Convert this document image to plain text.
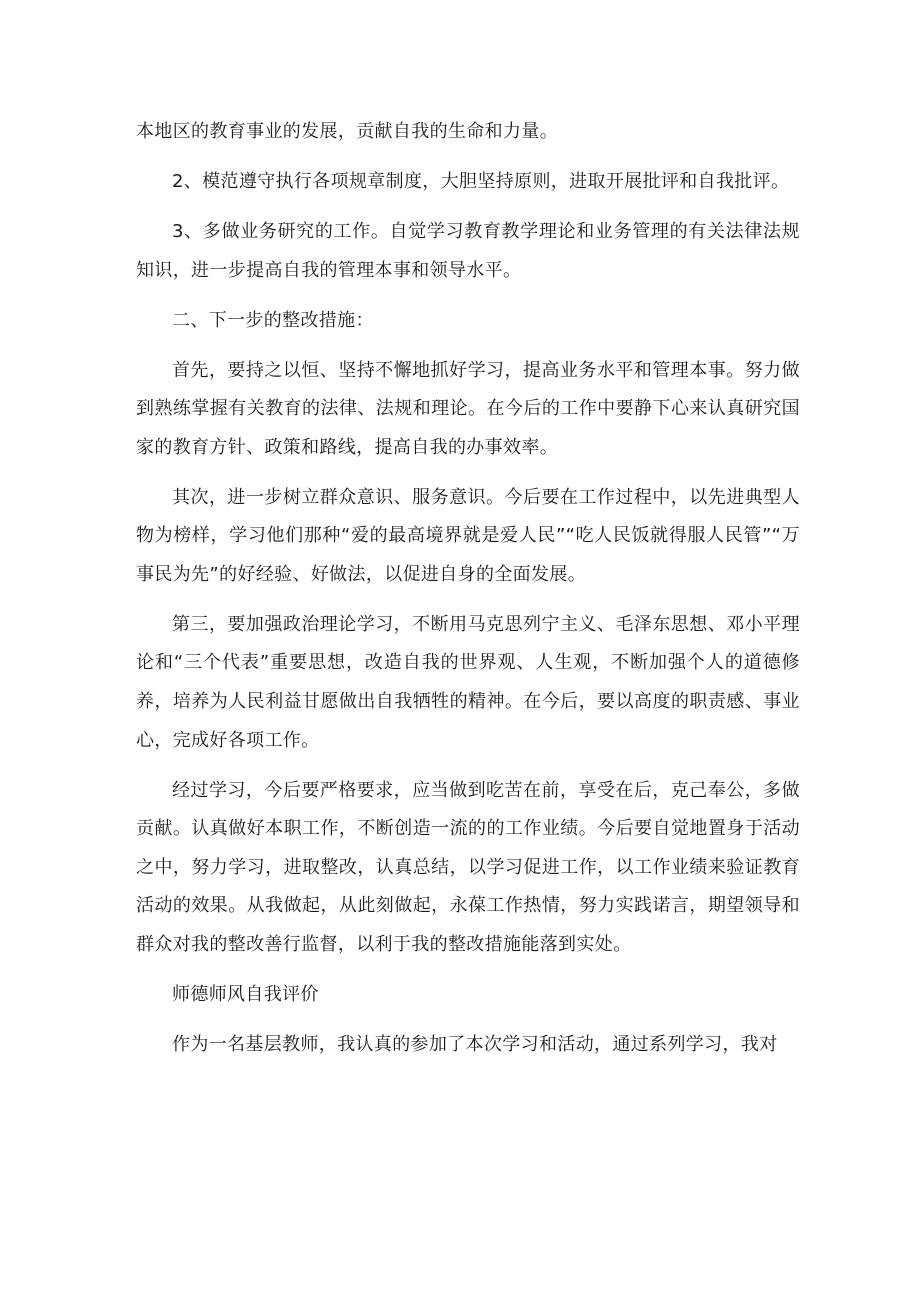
本地区的教育事业的发展，贡献自我的生命和力量。

2、模范遵守执行各项规章制度，大胆坚持原则，进取开展批评和自我批评。

3、多做业务研究的工作。自觉学习教育教学理论和业务管理的有关法律法规知识，进一步提高自我的管理本事和领导水平。

二、下一步的整改措施：

首先，要持之以恒、坚持不懈地抓好学习，提高业务水平和管理本事。努力做到熟练掌握有关教育的法律、法规和理论。在今后的工作中要静下心来认真研究国家的教育方针、政策和路线，提高自我的办事效率。

其次，进一步树立群众意识、服务意识。今后要在工作过程中，以先进典型人物为榜样，学习他们那种“爱的最高境界就是爱人民”“吃人民饭就得服人民管”“万事民为先”的好经验、好做法，以促进自身的全面发展。

第三，要加强政治理论学习，不断用马克思列宁主义、毛泽东思想、邓小平理论和“三个代表”重要思想，改造自我的世界观、人生观，不断加强个人的道德修养，培养为人民利益甘愿做出自我牺牲的精神。在今后，要以高度的职责感、事业心，完成好各项工作。

经过学习，今后要严格要求，应当做到吃苦在前，享受在后，克己奉公，多做贡献。认真做好本职工作，不断创造一流的的工作业绩。今后要自觉地置身于活动之中，努力学习，进取整改，认真总结，以学习促进工作，以工作业绩来验证教育活动的效果。从我做起，从此刻做起，永葆工作热情，努力实践诺言，期望领导和群众对我的整改善行监督，以利于我的整改措施能落到实处。

师德师风自我评价

作为一名基层教师，我认真的参加了本次学习和活动，通过系列学习，我对
